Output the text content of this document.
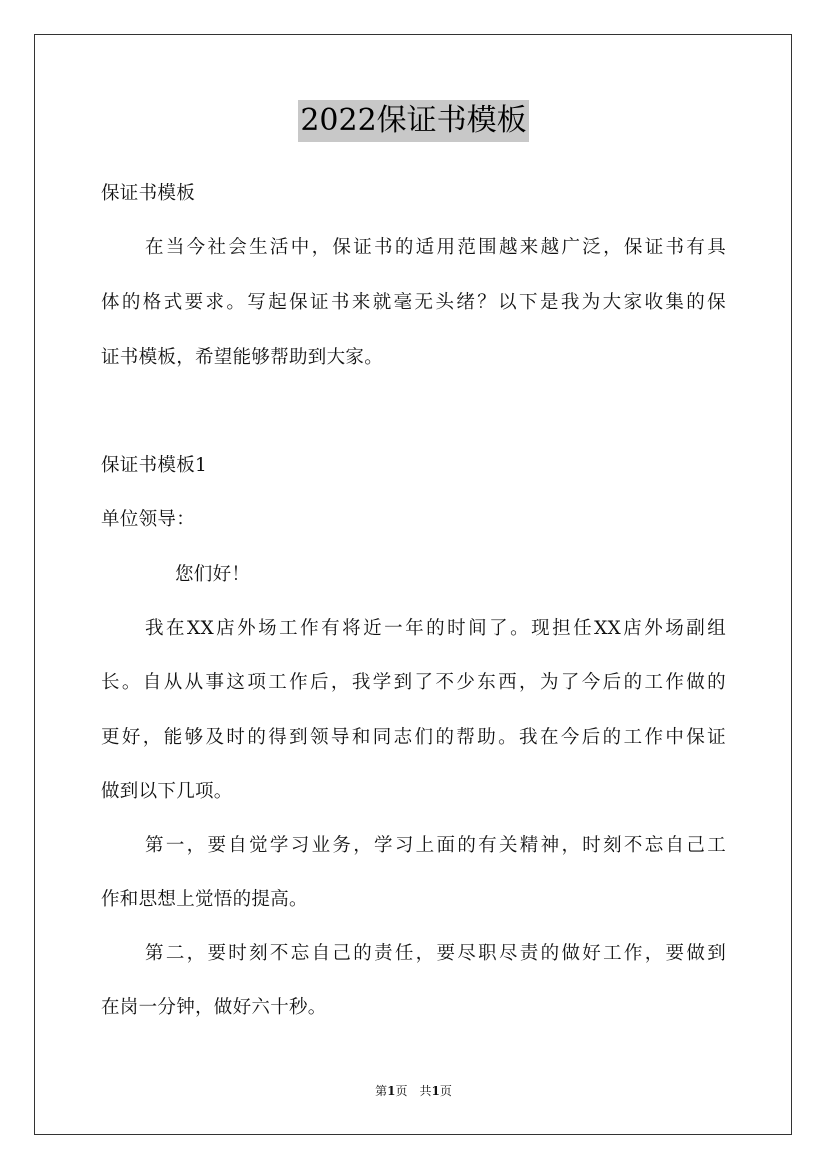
2022保证书模板
保证书模板
在当今社会生活中，保证书的适用范围越来越广泛，保证书有具
体的格式要求。写起保证书来就毫无头绪？以下是我为大家收集的保
证书模板，希望能够帮助到大家。
保证书模板1
单位领导：
您们好！
我在XX店外场工作有将近一年的时间了。现担任XX店外场副组
长。自从从事这项工作后，我学到了不少东西，为了今后的工作做的
更好，能够及时的得到领导和同志们的帮助。我在今后的工作中保证
做到以下几项。
第一，要自觉学习业务，学习上面的有关精神，时刻不忘自己工
作和思想上觉悟的提高。
第二，要时刻不忘自己的责任，要尽职尽责的做好工作，要做到
在岗一分钟，做好六十秒。
第1页　共1页
